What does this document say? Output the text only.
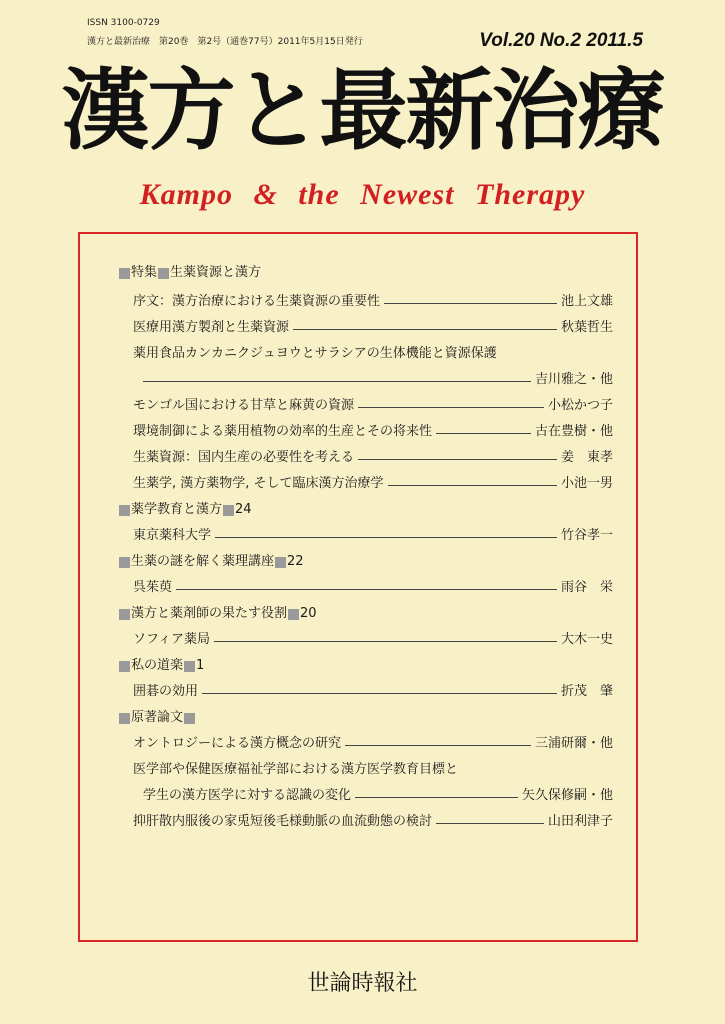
ISSN 3100-0729
漢方と最新治療　第20巻　第2号（通巻77号）2011年5月15日発行	Vol.20 No.2 2011.5
漢方と最新治療
Kampo & the Newest Therapy
特集 生薬資源と漢方
序文：漢方治療における生薬資源の重要性	池上文雄
医療用漢方製剤と生薬資源	秋葉哲生
薬用食品カンカニクジュヨウとサラシアの生体機能と資源保護
吉川雅之・他
モンゴル国における甘草と麻黄の資源	小松かつ子
環境制御による薬用植物の効率的生産とその将来性	古在豊樹・他
生薬資源：国内生産の必要性を考える	姜　東孝
生薬学, 漢方薬物学, そして臨床漢方治療学	小池一男
薬学教育と漢方 24
東京薬科大学	竹谷孝一
生薬の謎を解く薬理講座 22
呉茱萸	雨谷　栄
漢方と薬剤師の果たす役割 20
ソフィア薬局	大木一史
私の道楽 1
囲碁の効用	折茂　肇
原著論文
オントロジーによる漢方概念の研究	三浦研爾・他
医学部や保健医療福祉学部における漢方医学教育目標と
学生の漢方医学に対する認識の変化	矢久保修嗣・他
抑肝散内服後の家兎短後毛様動脈の血流動態の検討	山田利津子
世論時報社
